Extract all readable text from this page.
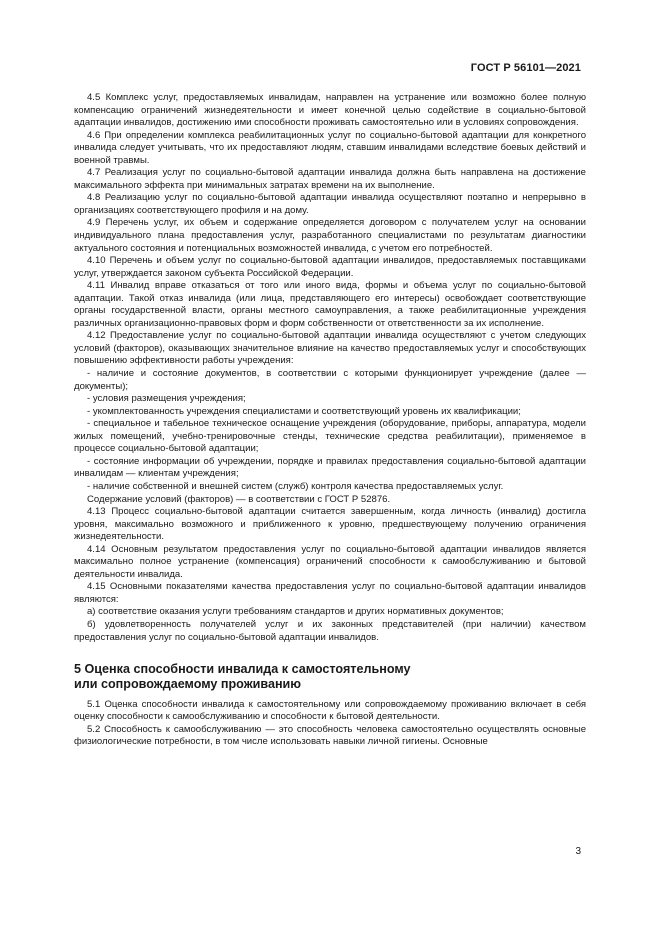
ГОСТ Р 56101—2021

4.5 Комплекс услуг, предоставляемых инвалидам, направлен на устранение или возможно более полную компенсацию ограничений жизнедеятельности и имеет конечной целью содействие в социально-бытовой адаптации инвалидов, достижению ими способности проживать самостоятельно или в условиях сопровождения.

4.6 При определении комплекса реабилитационных услуг по социально-бытовой адаптации для конкретного инвалида следует учитывать, что их предоставляют людям, ставшим инвалидами вследствие боевых действий и военной травмы.

4.7 Реализация услуг по социально-бытовой адаптации инвалида должна быть направлена на достижение максимального эффекта при минимальных затратах времени на их выполнение.

4.8 Реализацию услуг по социально-бытовой адаптации инвалида осуществляют поэтапно и непрерывно в организациях соответствующего профиля и на дому.

4.9 Перечень услуг, их объем и содержание определяется договором с получателем услуг на основании индивидуального плана предоставления услуг, разработанного специалистами по результатам диагностики актуального состояния и потенциальных возможностей инвалида, с учетом его потребностей.

4.10 Перечень и объем услуг по социально-бытовой адаптации инвалидов, предоставляемых поставщиками услуг, утверждается законом субъекта Российской Федерации.

4.11 Инвалид вправе отказаться от того или иного вида, формы и объема услуг по социально-бытовой адаптации. Такой отказ инвалида (или лица, представляющего его интересы) освобождает соответствующие органы государственной власти, органы местного самоуправления, а также реабилитационные учреждения различных организационно-правовых форм и форм собственности от ответственности за их исполнение.

4.12 Предоставление услуг по социально-бытовой адаптации инвалида осуществляют с учетом следующих условий (факторов), оказывающих значительное влияние на качество предоставляемых услуг и способствующих повышению эффективности работы учреждения:

- наличие и состояние документов, в соответствии с которыми функционирует учреждение (далее — документы);

- условия размещения учреждения;

- укомплектованность учреждения специалистами и соответствующий уровень их квалификации;

- специальное и табельное техническое оснащение учреждения (оборудование, приборы, аппаратура, модели жилых помещений, учебно-тренировочные стенды, технические средства реабилитации), применяемое в процессе социально-бытовой адаптации;

- состояние информации об учреждении, порядке и правилах предоставления социально-бытовой адаптации инвалидам — клиентам учреждения;

- наличие собственной и внешней систем (служб) контроля качества предоставляемых услуг.

Содержание условий (факторов) — в соответствии с ГОСТ Р 52876.

4.13 Процесс социально-бытовой адаптации считается завершенным, когда личность (инвалид) достигла уровня, максимально возможного и приближенного к уровню, предшествующему получению ограничения жизнедеятельности.

4.14 Основным результатом предоставления услуг по социально-бытовой адаптации инвалидов является максимально полное устранение (компенсация) ограничений способности к самообслуживанию и бытовой деятельности инвалида.

4.15 Основными показателями качества предоставления услуг по социально-бытовой адаптации инвалидов являются:

а) соответствие оказания услуги требованиям стандартов и других нормативных документов;

б) удовлетворенность получателей услуг и их законных представителей (при наличии) качеством предоставления услуг по социально-бытовой адаптации инвалидов.

5 Оценка способности инвалида к самостоятельному
или сопровождаемому проживанию

5.1 Оценка способности инвалида к самостоятельному или сопровождаемому проживанию включает в себя оценку способности к самообслуживанию и способности к бытовой деятельности.

5.2 Способность к самообслуживанию — это способность человека самостоятельно осуществлять основные физиологические потребности, в том числе использовать навыки личной гигиены. Основные

3
